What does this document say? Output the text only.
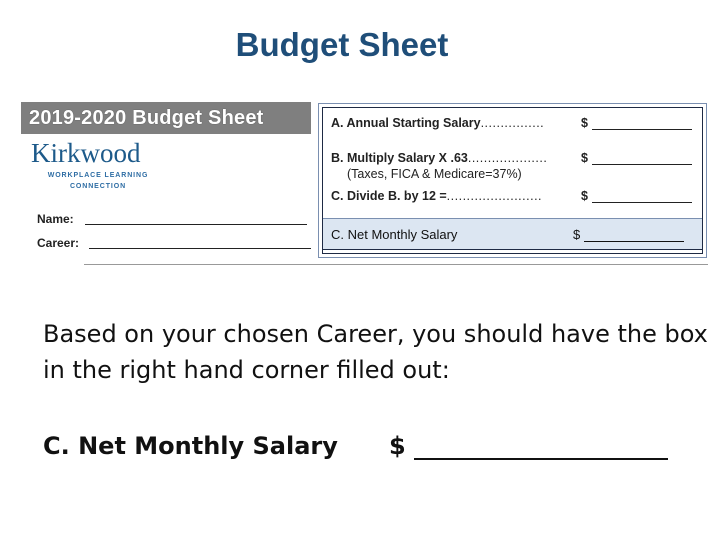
Budget Sheet
2019-2020 Budget Sheet
Kirkwood
WORKPLACE LEARNING
CONNECTION
Name:
Career:
A. Annual Starting Salary................	$
B. Multiply Salary X .63....................	$
(Taxes, FICA & Medicare=37%)
C. Divide B. by 12 =........................	$
C. Net Monthly Salary	$
Based on your chosen Career, you should have the box in the right hand corner filled out:
C. Net Monthly Salary $
